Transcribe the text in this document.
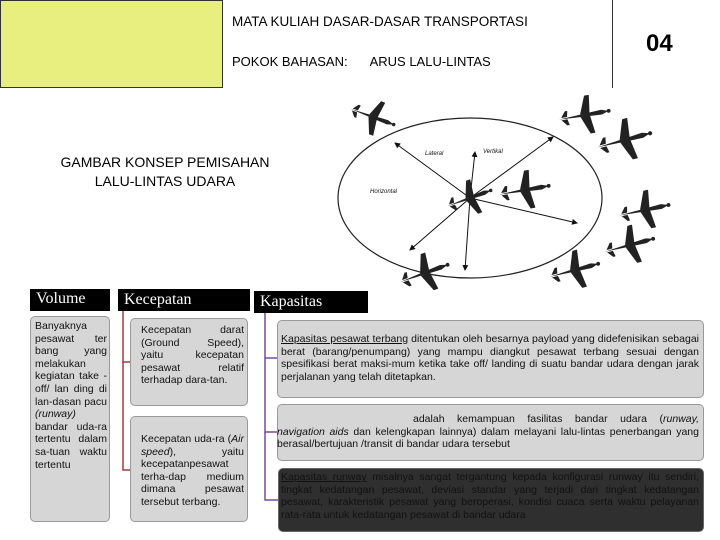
MATA KULIAH DASAR-DASAR TRANSPORTASI
POKOK BAHASAN: ARUS LALU-LINTAS
04
GAMBAR KONSEP PEMISAHAN
LALU-LINTAS UDARA
Lateral	Vertikal
Horizontal
Volume	Kecepatan	Kapasitas
Banyaknya pesawat ter bang yang melakukan kegiatan take -off/ lan ding di lan-dasan pacu (runway) bandar uda-ra tertentu dalam sa-tuan waktu tertentu
Kecepatan darat (Ground Speed), yaitu kecepatan pesawat relatif terhadap dara-tan.
Kecepatan uda-ra (Air speed), yaitu kecepatanpesawat terha-dap medium dimana pesawat tersebut terbang.
Kapasitas pesawat terbang ditentukan oleh besarnya payload yang didefenisikan sebagai berat (barang/penumpang) yang mampu diangkut pesawat terbang sesuai dengan spesifikasi berat maksi-mum ketika take off/ landing di suatu bandar udara dengan jarak perjalanan yang telah ditetapkan.
adalah kemampuan fasilitas bandar udara (runway, navigation aids dan kelengkapan lainnya) dalam melayani lalu-lintas penerbangan yang berasal/bertujuan /transit di bandar udara tersebut
Kapasitas runway misalnya sangat tergantung kepada konfigurasi runway itu sendiri, tingkat kedatangan pesawat, deviasi standar yang terjadi dari tingkat kedatangan pesawat, karakteristik pesawat yang beroperasi, kondisi cuaca serta waktu pelayanan rata-rata untuk kedatangan pesawat di bandar udara
